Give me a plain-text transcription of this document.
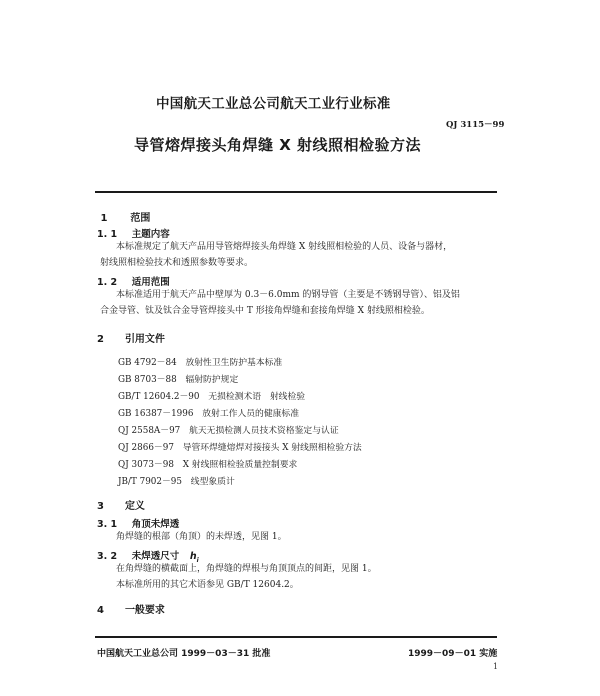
中国航天工业总公司航天工业行业标准
QJ 3115－99
导管熔焊接头角焊缝 X 射线照相检验方法
1 范围
1. 1 主题内容
本标准规定了航天产品用导管熔焊接头角焊缝 X 射线照相检验的人员、设备与器材，
射线照相检验技术和透照参数等要求。
1. 2 适用范围
本标准适用于航天产品中壁厚为 0.3－6.0mm 的钢导管（主要是不锈钢导管）、铝及铝
合金导管、钛及钛合金导管焊接头中 T 形接角焊缝和套接角焊缝 X 射线照相检验。
2 引用文件
GB 4792－84　放射性卫生防护基本标准
GB 8703－88　辐射防护规定
GB/T 12604.2－90　无损检测术语　射线检验
GB 16387－1996　放射工作人员的健康标准
QJ 2558A－97　航天无损检测人员技术资格鉴定与认证
QJ 2866－97　导管环焊缝熔焊对接接头 X 射线照相检验方法
QJ 3073－98　X 射线照相检验质量控制要求
JB/T 7902－95　线型象质计
3 定义
3. 1 角顶未焊透
角焊缝的根部（角顶）的未焊透，见图 1。
3. 2 未焊透尺寸 $h_i$
在角焊缝的横截面上，角焊缝的焊根与角顶顶点的间距，见图 1。
本标准所用的其它术语参见 GB/T 12604.2。
4 一般要求
中国航天工业总公司 1999－03－31 批准	1999－09－01 实施
1
